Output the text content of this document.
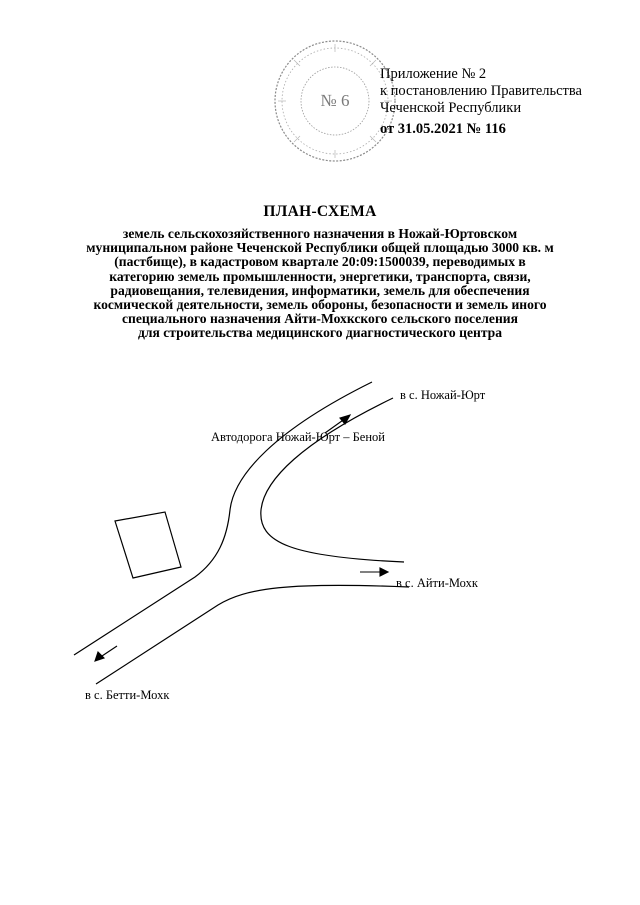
№ 6
Приложение № 2
к постановлению Правительства
Чеченской Республики
от 31.05.2021 № 116
ПЛАН-СХЕМА
земель сельскохозяйственного назначения в Ножай-Юртовском
муниципальном районе Чеченской Республики общей площадью 3000 кв. м
(пастбище), в кадастровом квартале 20:09:1500039, переводимых в
категорию земель промышленности, энергетики, транспорта, связи,
радиовещания, телевидения, информатики, земель для обеспечения
космической деятельности, земель обороны, безопасности и земель иного
специального назначения Айти-Мохкского сельского поселения
для строительства медицинского диагностического центра
Автодорога Ножай-Юрт – Беной
в с. Ножай-Юрт
в с. Айти-Мохк
в с. Бетти-Мохк
